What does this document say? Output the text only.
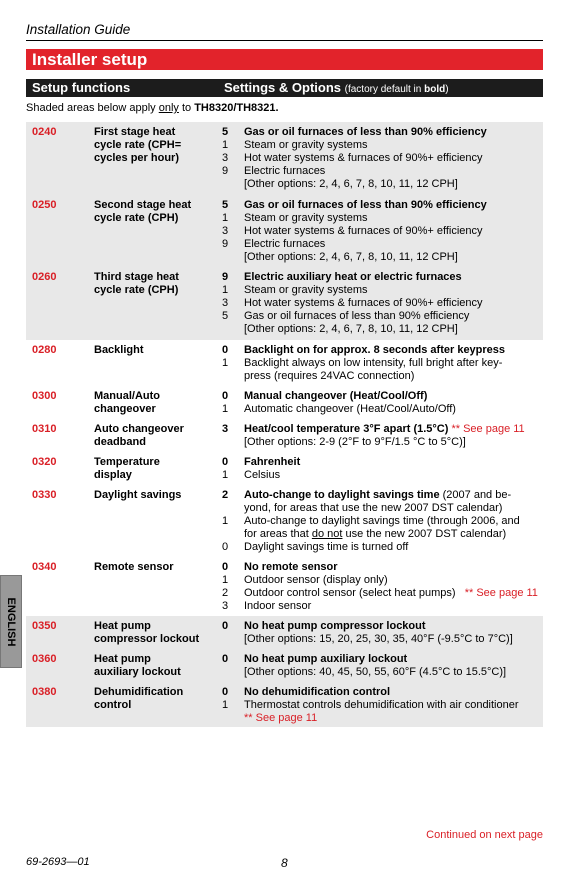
Installation Guide
Installer setup
Setup functions	Settings & Options (factory default in bold)
Shaded areas below apply only to TH8320/TH8321.
0240	First stage heat
cycle rate (CPH=
cycles per hour)
5 Gas or oil furnaces of less than 90% efficiency
1 Steam or gravity systems
3 Hot water systems & furnaces of 90%+ efficiency
9 Electric furnaces
[Other options: 2, 4, 6, 7, 8, 10, 11, 12 CPH]
0250	Second stage heat
cycle rate (CPH)
5 Gas or oil furnaces of less than 90% efficiency
1 Steam or gravity systems
3 Hot water systems & furnaces of 90%+ efficiency
9 Electric furnaces
[Other options: 2, 4, 6, 7, 8, 10, 11, 12 CPH]
0260	Third stage heat
cycle rate (CPH)
9 Electric auxiliary heat or electric furnaces
1 Steam or gravity systems
3 Hot water systems & furnaces of 90%+ efficiency
5 Gas or oil furnaces of less than 90% efficiency
[Other options: 2, 4, 6, 7, 8, 10, 11, 12 CPH]
0280	Backlight	0 Backlight on for approx. 8 seconds after keypress
1 Backlight always on low intensity, full bright after key-
press (requires 24VAC connection)
0300	Manual/Auto
changeover
0 Manual changeover (Heat/Cool/Off)
1 Automatic changeover (Heat/Cool/Auto/Off)
0310	Auto changeover
deadband
3 Heat/cool temperature 3°F apart (1.5°C) ** See page 11
[Other options: 2-9 (2°F to 9°F/1.5 °C to 5°C)]
0320	Temperature
display
0 Fahrenheit
1 Celsius
0330	Daylight savings	2 Auto-change to daylight savings time (2007 and be-
yond, for areas that use the new 2007 DST calendar)
1 Auto-change to daylight savings time (through 2006, and
for areas that do not use the new 2007 DST calendar)
0 Daylight savings time is turned off
0340	Remote sensor	0 No remote sensor
1 Outdoor sensor (display only)
2 Outdoor control sensor (select heat pumps)   ** See page 11
3 Indoor sensor
0350	Heat pump
compressor lockout
0 No heat pump compressor lockout
[Other options: 15, 20, 25, 30, 35, 40°F (-9.5°C to 7°C)]
0360	Heat pump
auxiliary lockout
0 No heat pump auxiliary lockout
[Other options: 40, 45, 50, 55, 60°F (4.5°C to 15.5°C)]
0380	Dehumidification
control
0 No dehumidification control
1 Thermostat controls dehumidification with air conditioner
** See page 11
ENGLISH
Continued on next page
69-2693—01	8
